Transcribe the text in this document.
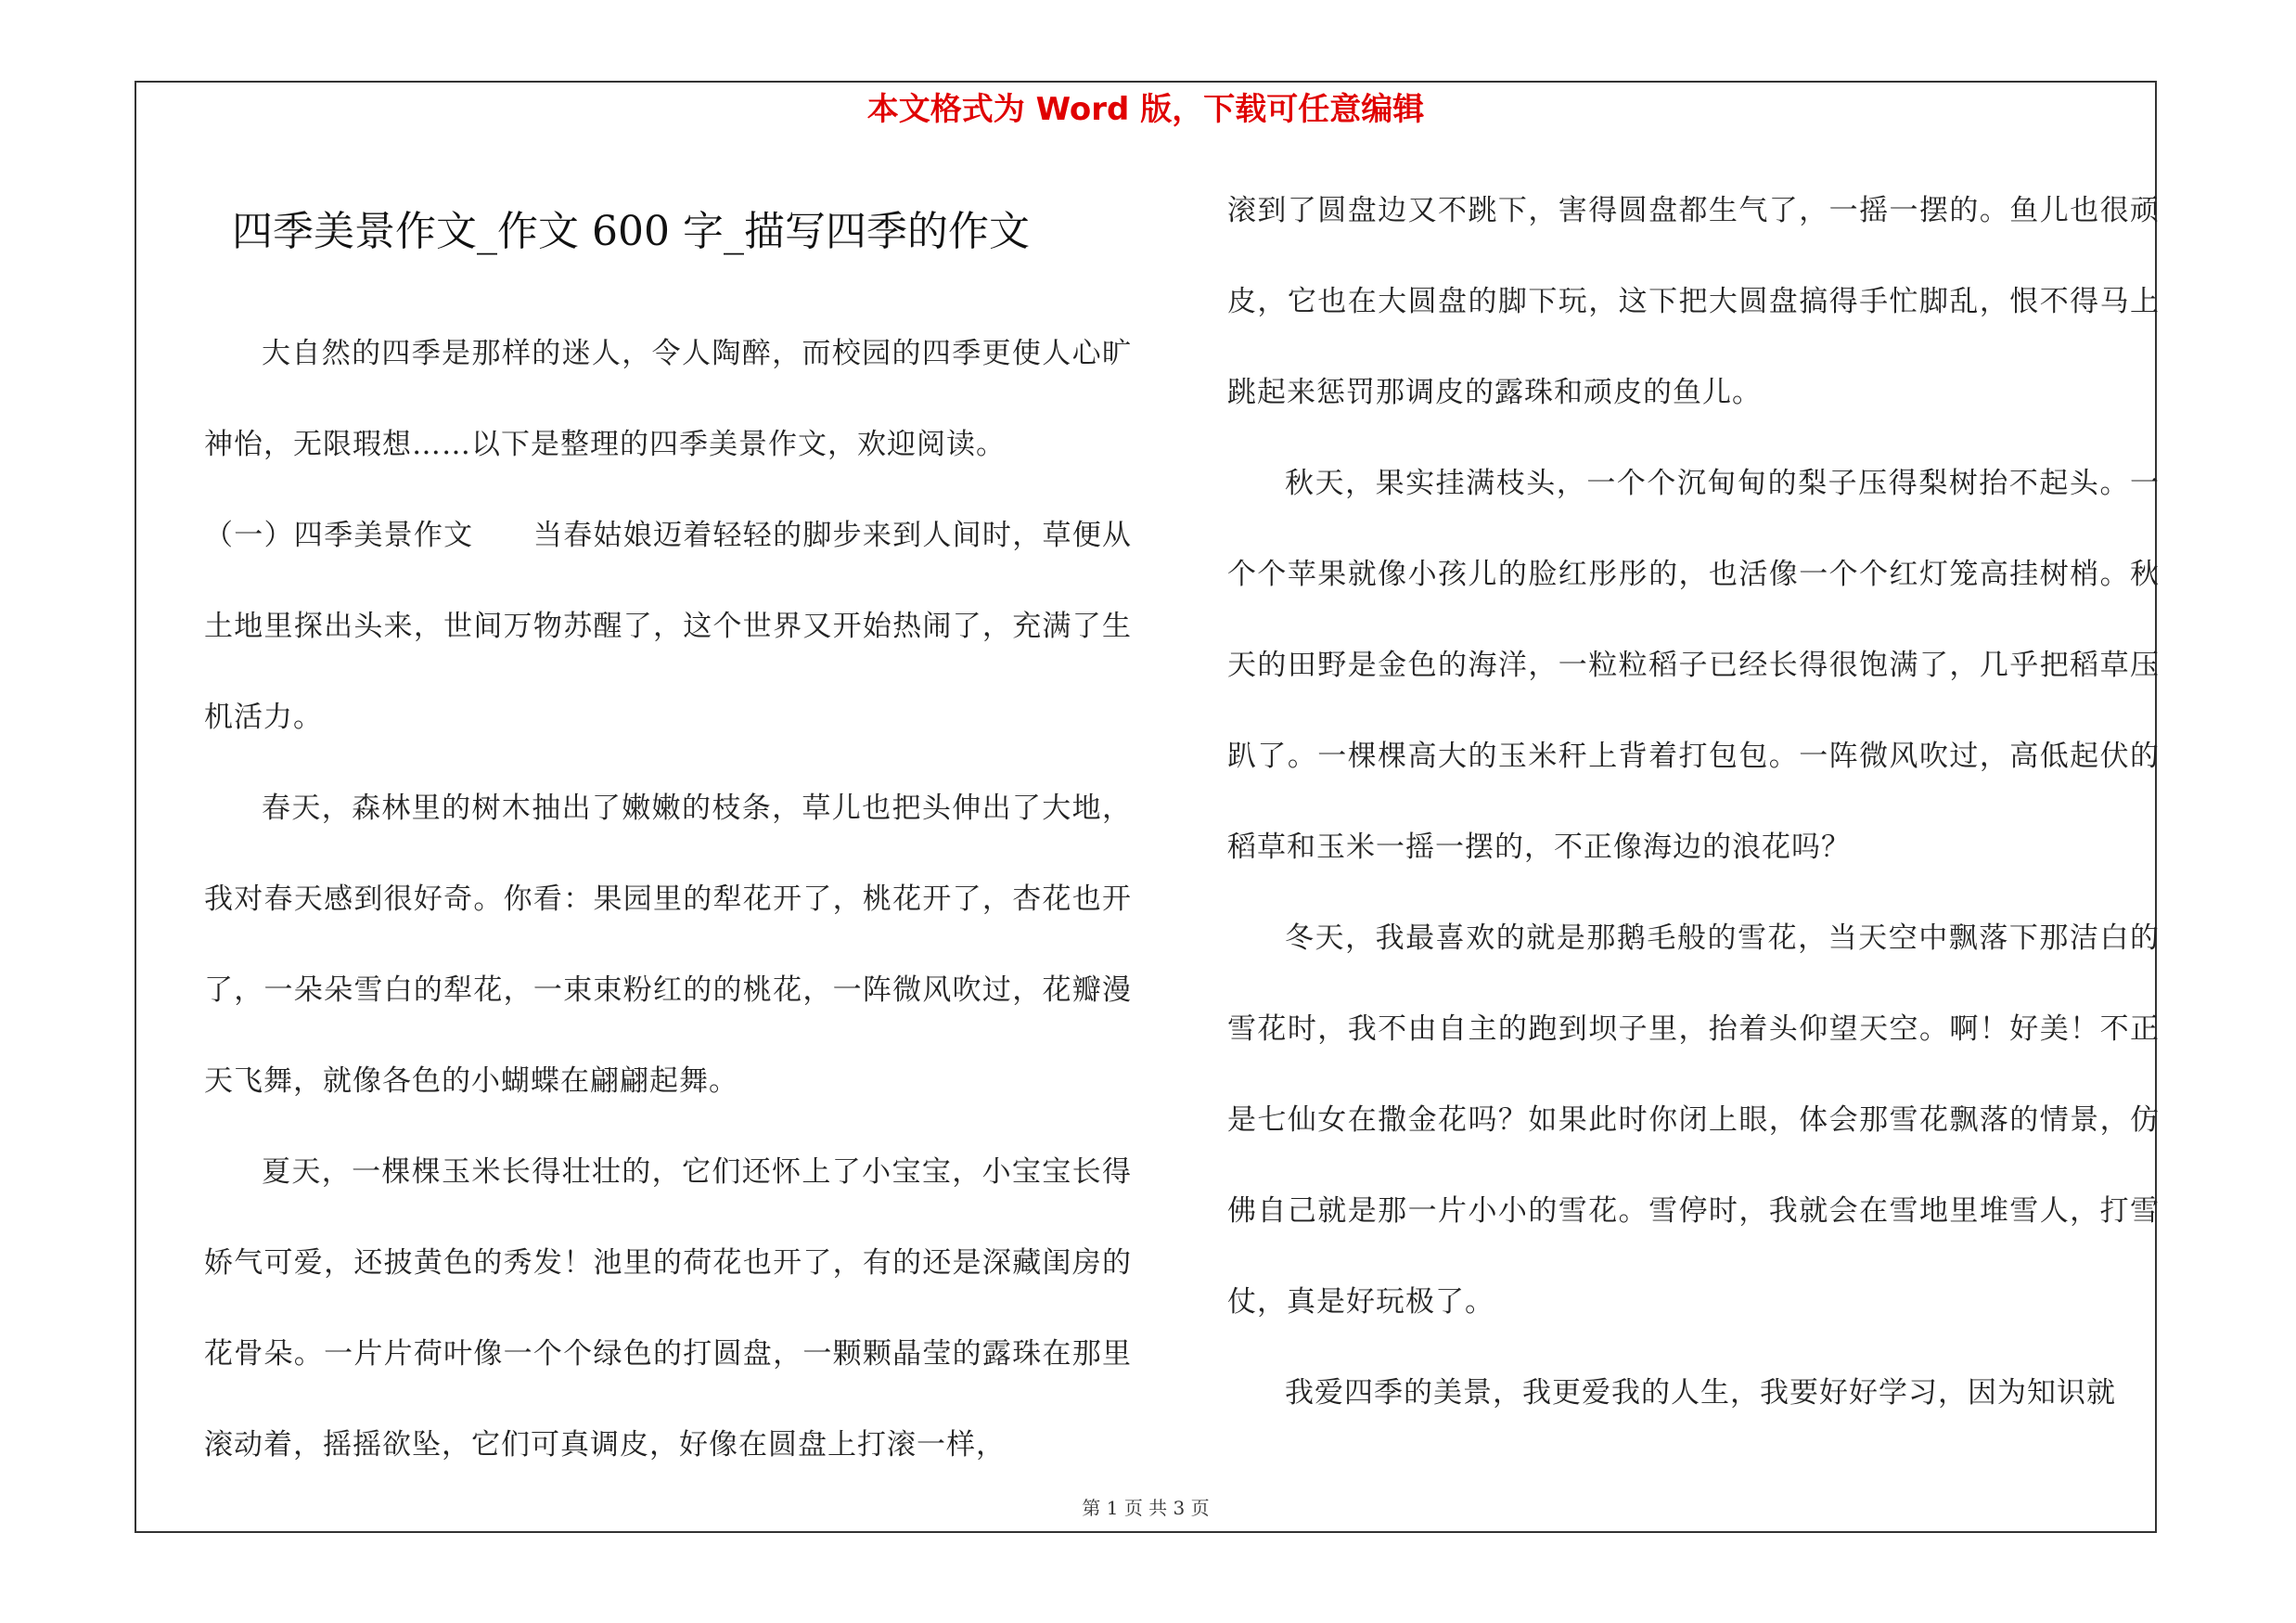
本文格式为 Word 版，下载可任意编辑
四季美景作文_作文 600 字_描写四季的作文

大自然的四季是那样的迷人，令人陶醉，而校园的四季更使人心旷神怡，无限瑕想……以下是整理的四季美景作文，欢迎阅读。

（一）四季美景作文　　当春姑娘迈着轻轻的脚步来到人间时，草便从土地里探出头来，世间万物苏醒了，这个世界又开始热闹了，充满了生机活力。

春天，森林里的树木抽出了嫩嫩的枝条，草儿也把头伸出了大地，我对春天感到很好奇。你看：果园里的犁花开了，桃花开了，杏花也开了，一朵朵雪白的犁花，一束束粉红的的桃花，一阵微风吹过，花瓣漫天飞舞，就像各色的小蝴蝶在翩翩起舞。

夏天，一棵棵玉米长得壮壮的，它们还怀上了小宝宝，小宝宝长得娇气可爱，还披黄色的秀发！池里的荷花也开了，有的还是深藏闺房的花骨朵。一片片荷叶像一个个绿色的打圆盘，一颗颗晶莹的露珠在那里滚动着，摇摇欲坠，它们可真调皮，好像在圆盘上打滚一样，

滚到了圆盘边又不跳下，害得圆盘都生气了，一摇一摆的。鱼儿也很顽皮，它也在大圆盘的脚下玩，这下把大圆盘搞得手忙脚乱，恨不得马上跳起来惩罚那调皮的露珠和顽皮的鱼儿。

秋天，果实挂满枝头，一个个沉甸甸的梨子压得梨树抬不起头。一个个苹果就像小孩儿的脸红彤彤的，也活像一个个红灯笼高挂树梢。秋天的田野是金色的海洋，一粒粒稻子已经长得很饱满了，几乎把稻草压趴了。一棵棵高大的玉米秆上背着打包包。一阵微风吹过，高低起伏的稻草和玉米一摇一摆的，不正像海边的浪花吗？

冬天，我最喜欢的就是那鹅毛般的雪花，当天空中飘落下那洁白的雪花时，我不由自主的跑到坝子里，抬着头仰望天空。啊！好美！不正是七仙女在撒金花吗？如果此时你闭上眼，体会那雪花飘落的情景，仿佛自己就是那一片小小的雪花。雪停时，我就会在雪地里堆雪人，打雪仗，真是好玩极了。

我爱四季的美景，我更爱我的人生，我要好好学习，因为知识就

第 1 页 共 3 页
